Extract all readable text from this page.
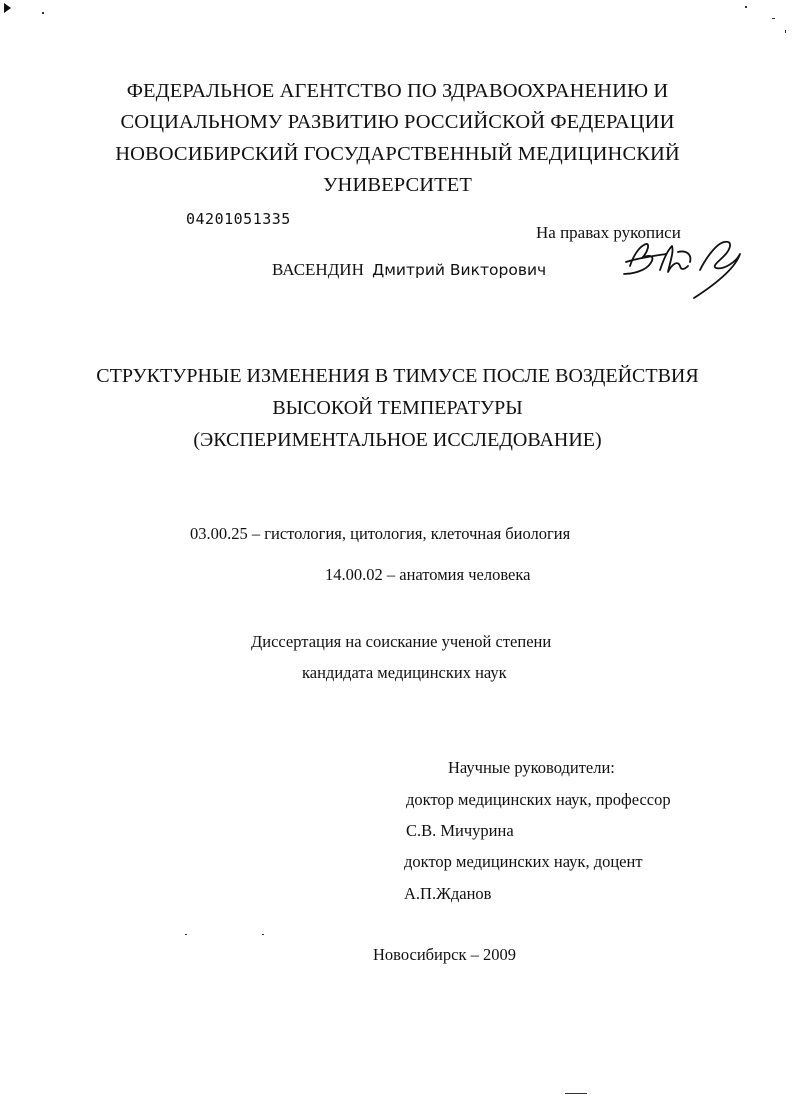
ФЕДЕРАЛЬНОЕ АГЕНТСТВО ПО ЗДРАВООХРАНЕНИЮ И
СОЦИАЛЬНОМУ РАЗВИТИЮ РОССИЙСКОЙ ФЕДЕРАЦИИ
НОВОСИБИРСКИЙ ГОСУДАРСТВЕННЫЙ МЕДИЦИНСКИЙ
УНИВЕРСИТЕТ
04201051335
На правах рукописи
ВАСЕНДИН Дмитрий Викторович
СТРУКТУРНЫЕ ИЗМЕНЕНИЯ В ТИМУСЕ ПОСЛЕ ВОЗДЕЙСТВИЯ
ВЫСОКОЙ ТЕМПЕРАТУРЫ
(ЭКСПЕРИМЕНТАЛЬНОЕ ИССЛЕДОВАНИЕ)
03.00.25 – гистология, цитология, клеточная биология
14.00.02 – анатомия человека
Диссертация на соискание ученой степени
кандидата медицинских наук
Научные руководители:
доктор медицинских наук, профессор
С.В. Мичурина
доктор медицинских наук, доцент
А.П.Жданов
Новосибирск – 2009
